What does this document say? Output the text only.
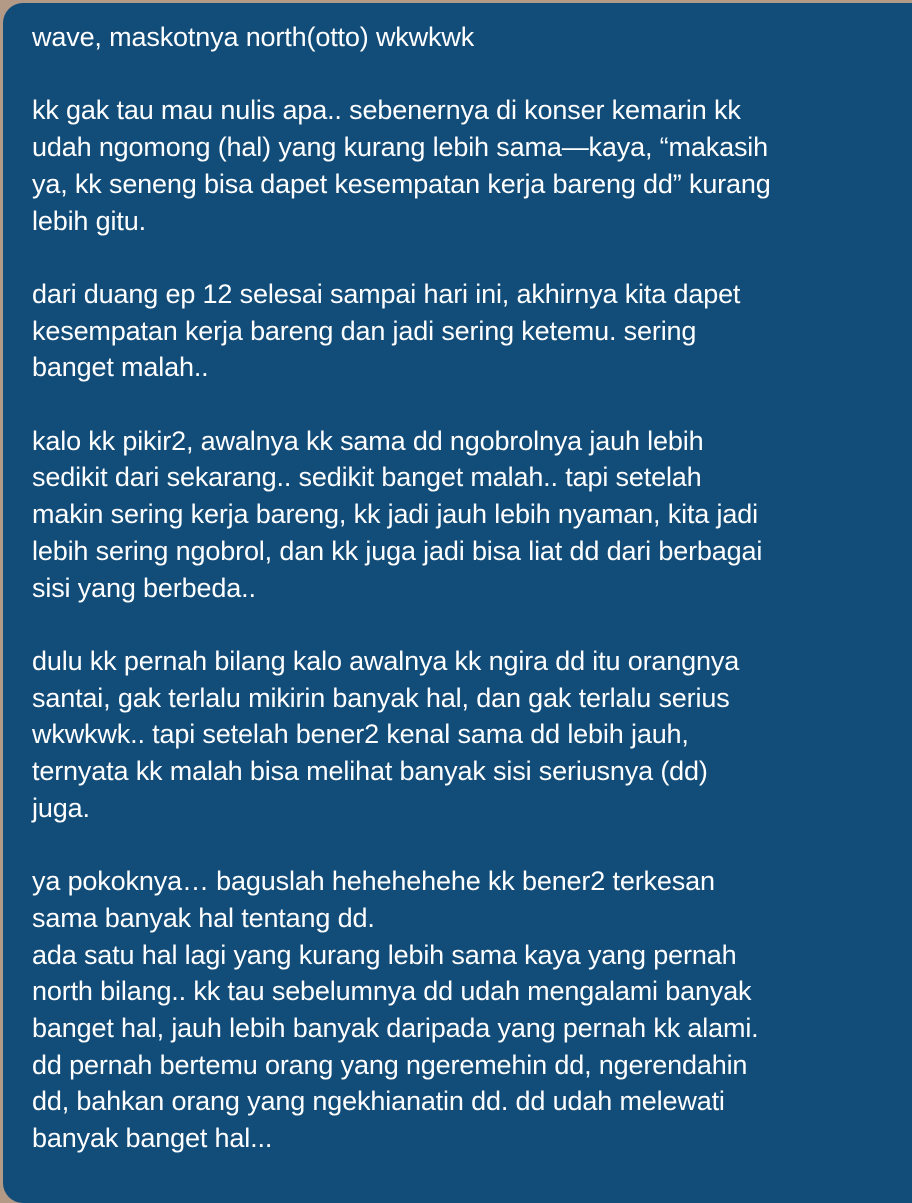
wave, maskotnya north(otto) wkwkwk
kk gak tau mau nulis apa.. sebenernya di konser kemarin kk
udah ngomong (hal) yang kurang lebih sama—kaya, “makasih
ya, kk seneng bisa dapet kesempatan kerja bareng dd” kurang
lebih gitu.
dari duang ep 12 selesai sampai hari ini, akhirnya kita dapet
kesempatan kerja bareng dan jadi sering ketemu. sering
banget malah..
kalo kk pikir2, awalnya kk sama dd ngobrolnya jauh lebih
sedikit dari sekarang.. sedikit banget malah.. tapi setelah
makin sering kerja bareng, kk jadi jauh lebih nyaman, kita jadi
lebih sering ngobrol, dan kk juga jadi bisa liat dd dari berbagai
sisi yang berbeda..
dulu kk pernah bilang kalo awalnya kk ngira dd itu orangnya
santai, gak terlalu mikirin banyak hal, dan gak terlalu serius
wkwkwk.. tapi setelah bener2 kenal sama dd lebih jauh,
ternyata kk malah bisa melihat banyak sisi seriusnya (dd)
juga.
ya pokoknya… baguslah hehehehehe kk bener2 terkesan
sama banyak hal tentang dd.
ada satu hal lagi yang kurang lebih sama kaya yang pernah
north bilang.. kk tau sebelumnya dd udah mengalami banyak
banget hal, jauh lebih banyak daripada yang pernah kk alami.
dd pernah bertemu orang yang ngeremehin dd, ngerendahin
dd, bahkan orang yang ngekhianatin dd. dd udah melewati
banyak banget hal...
